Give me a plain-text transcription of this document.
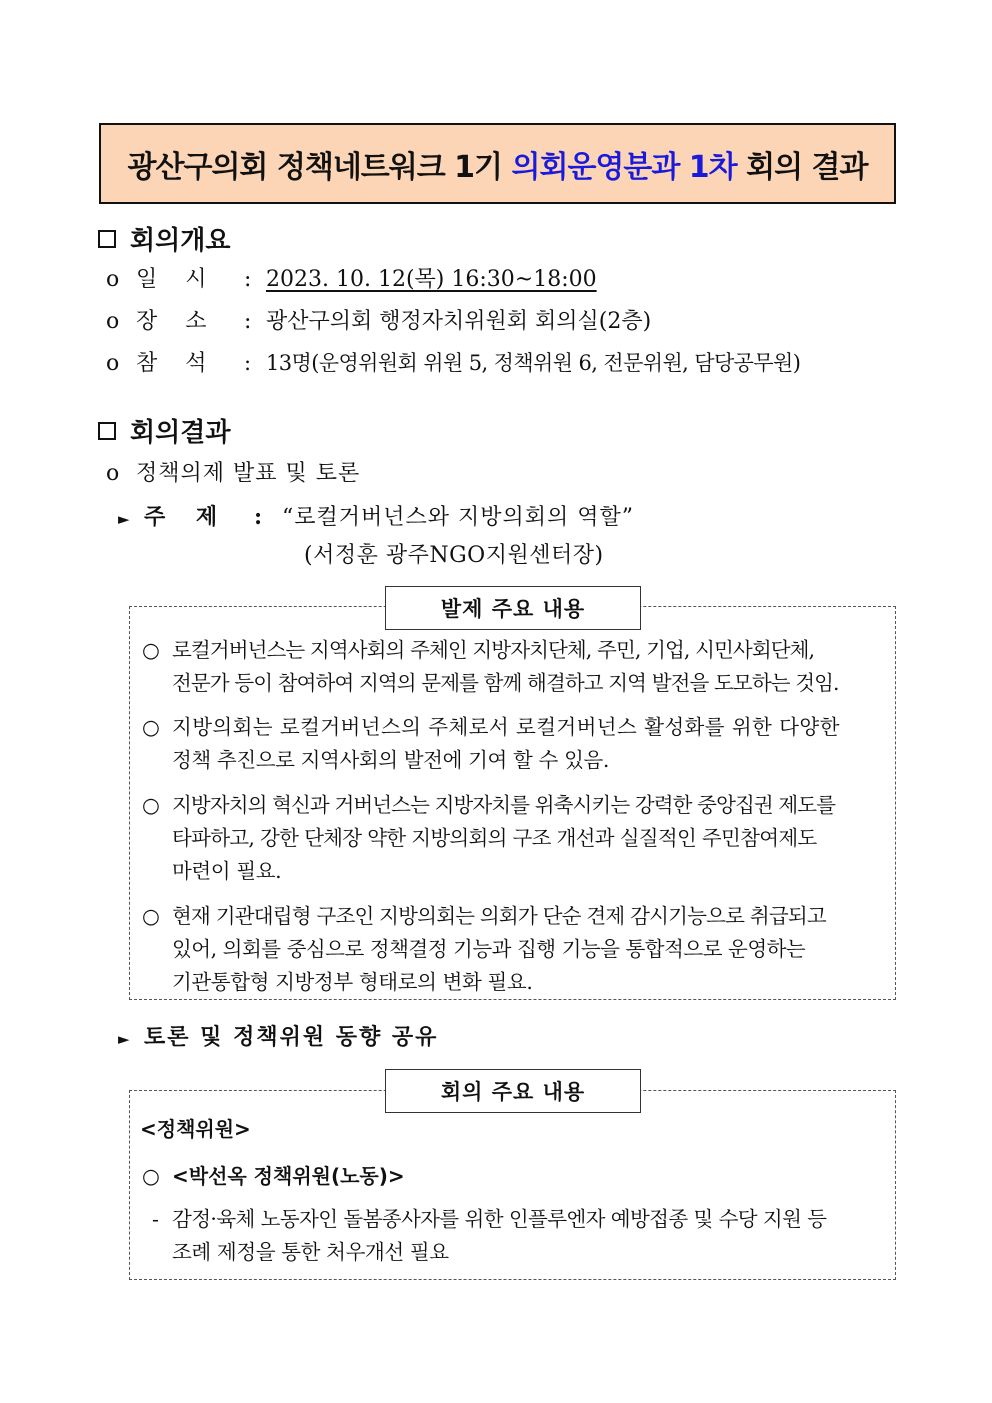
광산구의회 정책네트워크 1기 의회운영분과 1차 회의 결과
회의개요
o 일    시 : 2023. 10. 12(목) 16:30~18:00
o 장    소 : 광산구의회 행정자치위원회 회의실(2층)
o 참    석 : 13명(운영위원회 위원 5, 정책위원 6, 전문위원, 담당공무원)
회의결과
o 정책의제 발표 및 토론
► 주    제 : “로컬거버넌스와 지방의회의 역할”
(서정훈 광주NGO지원센터장)
발제 주요 내용
○ 로컬거버넌스는 지역사회의 주체인 지방자치단체, 주민, 기업, 시민사회단체,
전문가 등이 참여하여 지역의 문제를 함께 해결하고 지역 발전을 도모하는 것임.
○ 지방의회는 로컬거버넌스의 주체로서 로컬거버넌스 활성화를 위한 다양한
정책 추진으로 지역사회의 발전에 기여 할 수 있음.
○ 지방자치의 혁신과 거버넌스는 지방자치를 위축시키는 강력한 중앙집권 제도를
타파하고, 강한 단체장 약한 지방의회의 구조 개선과 실질적인 주민참여제도
마련이 필요.
○ 현재 기관대립형 구조인 지방의회는 의회가 단순 견제 감시기능으로 취급되고
있어, 의회를 중심으로 정책결정 기능과 집행 기능을 통합적으로 운영하는
기관통합형 지방정부 형태로의 변화 필요.
► 토론 및 정책위원 동향 공유
회의 주요 내용
<정책위원>
○ <박선옥 정책위원(노동)>
- 감정·육체 노동자인 돌봄종사자를 위한 인플루엔자 예방접종 및 수당 지원 등
조례 제정을 통한 처우개선 필요
